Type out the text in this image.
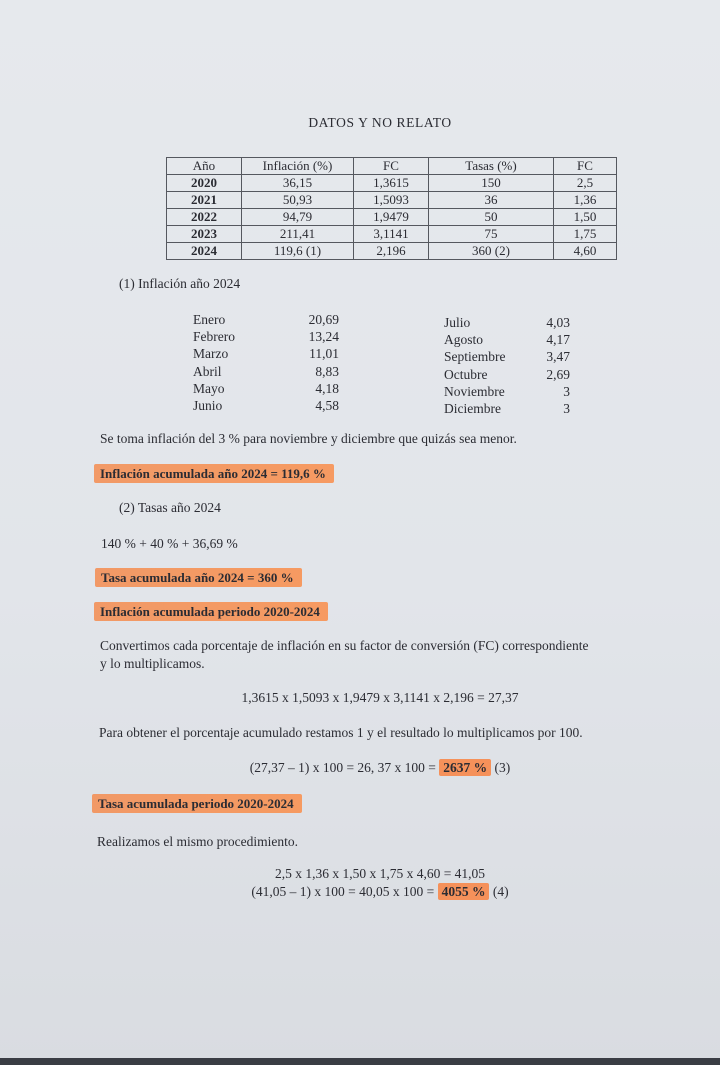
DATOS Y NO RELATO
Año	Inflación (%)	FC	Tasas (%)	FC
2020	36,15	1,3615	150	2,5
2021	50,93	1,5093	36	1,36
2022	94,79	1,9479	50	1,50
2023	211,41	3,1141	75	1,75
2024	119,6 (1)	2,196	360 (2)	4,60
(1) Inflación año 2024
Enero	20,69
Febrero	13,24
Marzo	11,01
Abril	8,83
Mayo	4,18
Junio	4,58
Julio	4,03
Agosto	4,17
Septiembre	3,47
Octubre	2,69
Noviembre	3
Diciembre	3
Se toma inflación del 3 % para noviembre y diciembre que quizás sea menor.
Inflación acumulada año 2024 = 119,6 %
(2) Tasas año 2024
140 % + 40 % + 36,69 %
Tasa acumulada año 2024 = 360 %
Inflación acumulada periodo 2020-2024
Convertimos cada porcentaje de inflación en su factor de conversión (FC) correspondiente
y lo multiplicamos.
1,3615 x 1,5093 x 1,9479 x 3,1141 x 2,196 = 27,37
Para obtener el porcentaje acumulado restamos 1 y el resultado lo multiplicamos por 100.
(27,37 – 1) x 100 = 26, 37 x 100 = 2637 % (3)
Tasa acumulada periodo 2020-2024
Realizamos el mismo procedimiento.
2,5 x 1,36 x 1,50 x 1,75 x 4,60 = 41,05
(41,05 – 1) x 100 = 40,05 x 100 = 4055 % (4)
